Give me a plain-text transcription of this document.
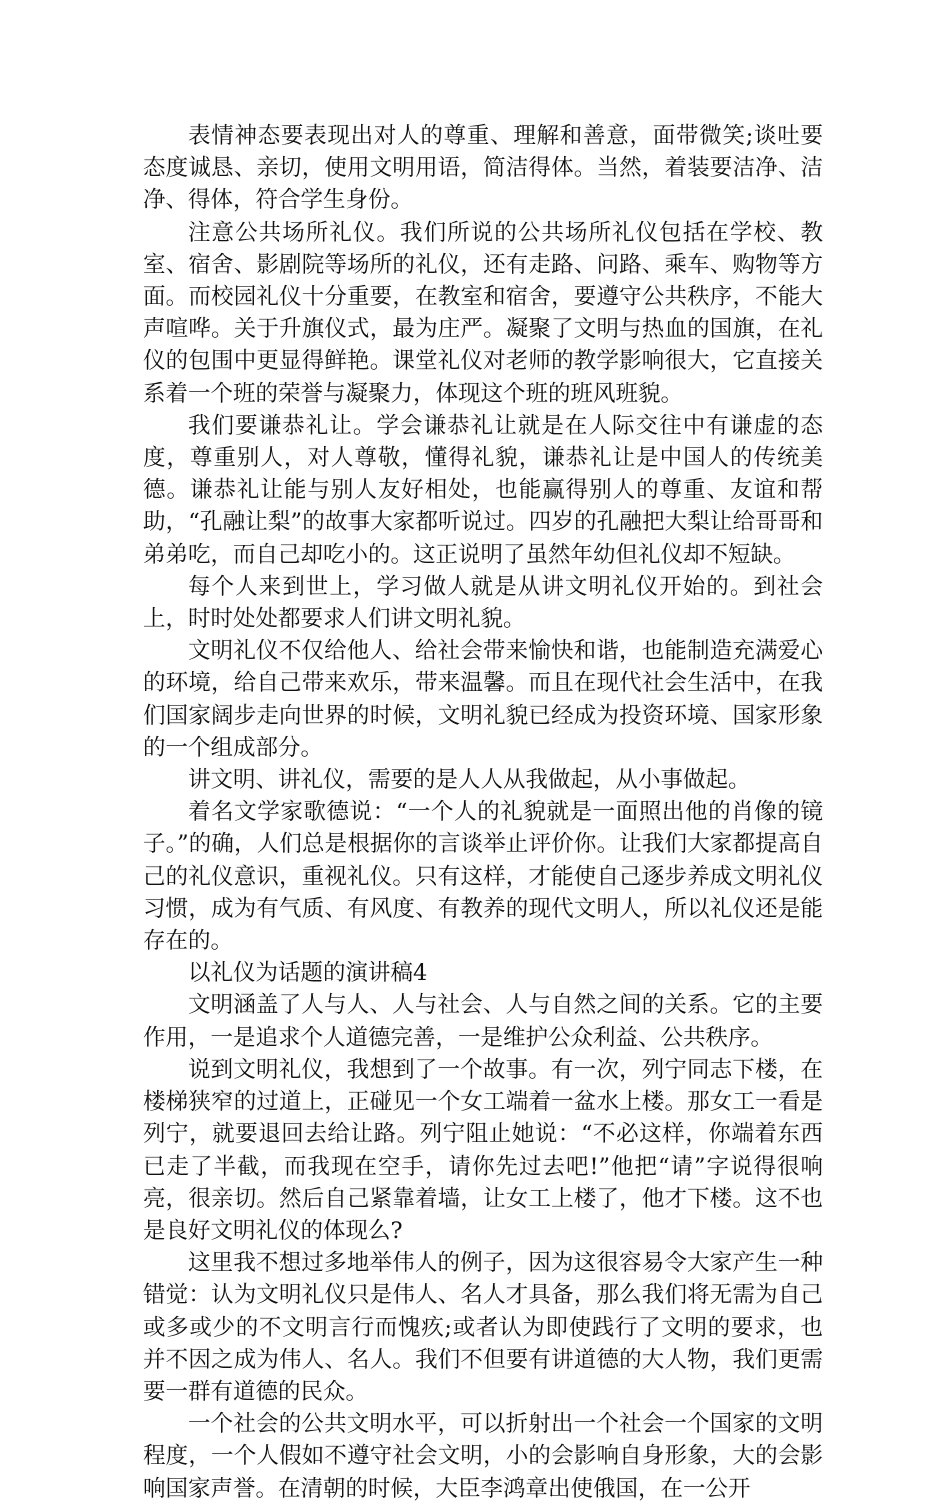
表情神态要表现出对人的尊重、理解和善意，面带微笑;谈吐要态度诚恳、亲切，使用文明用语，简洁得体。当然，着装要洁净、洁净、得体，符合学生身份。

注意公共场所礼仪。我们所说的公共场所礼仪包括在学校、教室、宿舍、影剧院等场所的礼仪，还有走路、问路、乘车、购物等方面。而校园礼仪十分重要，在教室和宿舍，要遵守公共秩序，不能大声喧哗。关于升旗仪式，最为庄严。凝聚了文明与热血的国旗，在礼仪的包围中更显得鲜艳。课堂礼仪对老师的教学影响很大，它直接关系着一个班的荣誉与凝聚力，体现这个班的班风班貌。

我们要谦恭礼让。学会谦恭礼让就是在人际交往中有谦虚的态度，尊重别人，对人尊敬，懂得礼貌，谦恭礼让是中国人的传统美德。谦恭礼让能与别人友好相处，也能赢得别人的尊重、友谊和帮助，“孔融让梨”的故事大家都听说过。四岁的孔融把大梨让给哥哥和弟弟吃，而自己却吃小的。这正说明了虽然年幼但礼仪却不短缺。

每个人来到世上，学习做人就是从讲文明礼仪开始的。到社会上，时时处处都要求人们讲文明礼貌。

文明礼仪不仅给他人、给社会带来愉快和谐，也能制造充满爱心的环境，给自己带来欢乐，带来温馨。而且在现代社会生活中，在我们国家阔步走向世界的时候，文明礼貌已经成为投资环境、国家形象的一个组成部分。

讲文明、讲礼仪，需要的是人人从我做起，从小事做起。

着名文学家歌德说：“一个人的礼貌就是一面照出他的肖像的镜子。”的确，人们总是根据你的言谈举止评价你。让我们大家都提高自己的礼仪意识，重视礼仪。只有这样，才能使自己逐步养成文明礼仪习惯，成为有气质、有风度、有教养的现代文明人，所以礼仪还是能存在的。

以礼仪为话题的演讲稿4

文明涵盖了人与人、人与社会、人与自然之间的关系。它的主要作用，一是追求个人道德完善，一是维护公众利益、公共秩序。

说到文明礼仪，我想到了一个故事。有一次，列宁同志下楼，在楼梯狭窄的过道上，正碰见一个女工端着一盆水上楼。那女工一看是列宁，就要退回去给让路。列宁阻止她说：“不必这样，你端着东西已走了半截，而我现在空手，请你先过去吧!”他把“请”字说得很响亮，很亲切。然后自己紧靠着墙，让女工上楼了，他才下楼。这不也是良好文明礼仪的体现么?

这里我不想过多地举伟人的例子，因为这很容易令大家产生一种错觉：认为文明礼仪只是伟人、名人才具备，那么我们将无需为自己或多或少的不文明言行而愧疚;或者认为即使践行了文明的要求，也并不因之成为伟人、名人。我们不但要有讲道德的大人物，我们更需要一群有道德的民众。

一个社会的公共文明水平，可以折射出一个社会一个国家的文明程度，一个人假如不遵守社会文明，小的会影响自身形象，大的会影响国家声誉。在清朝的时候，大臣李鸿章出使俄国，在一公开
